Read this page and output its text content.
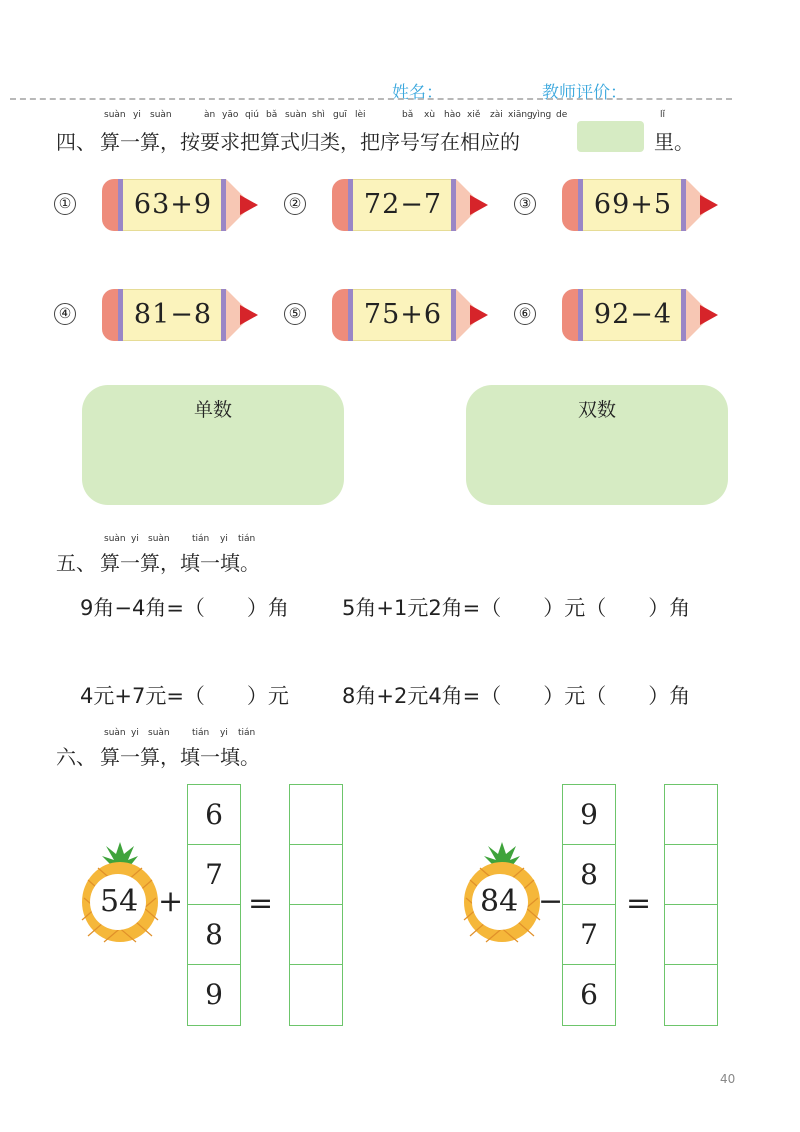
姓名：	教师评价：
suàn yi suàn	àn yāo qiú bǎ suàn shì guī lèi	bǎ xù hào xiě zài xiāng yìng de	lǐ
四、 算一算，按要求把算式归类，把序号写在相应的	里。
①	63+9	②	72−7	③	69+5
④	81−8	⑤	75+6	⑥	92−4
单数	双数
suàn yi suàn tián yi tián
五、 算一算，填一填。
9角−4角=（　　）角	5角+1元2角=（　　）元（　　）角
4元+7元=（　　）元	8角+2元4角=（　　）元（　　）角
suàn yi suàn tián yi tián
六、 算一算，填一填。
54 +
6
7
8
9
=	84 −
9
8
7
6
=
40
